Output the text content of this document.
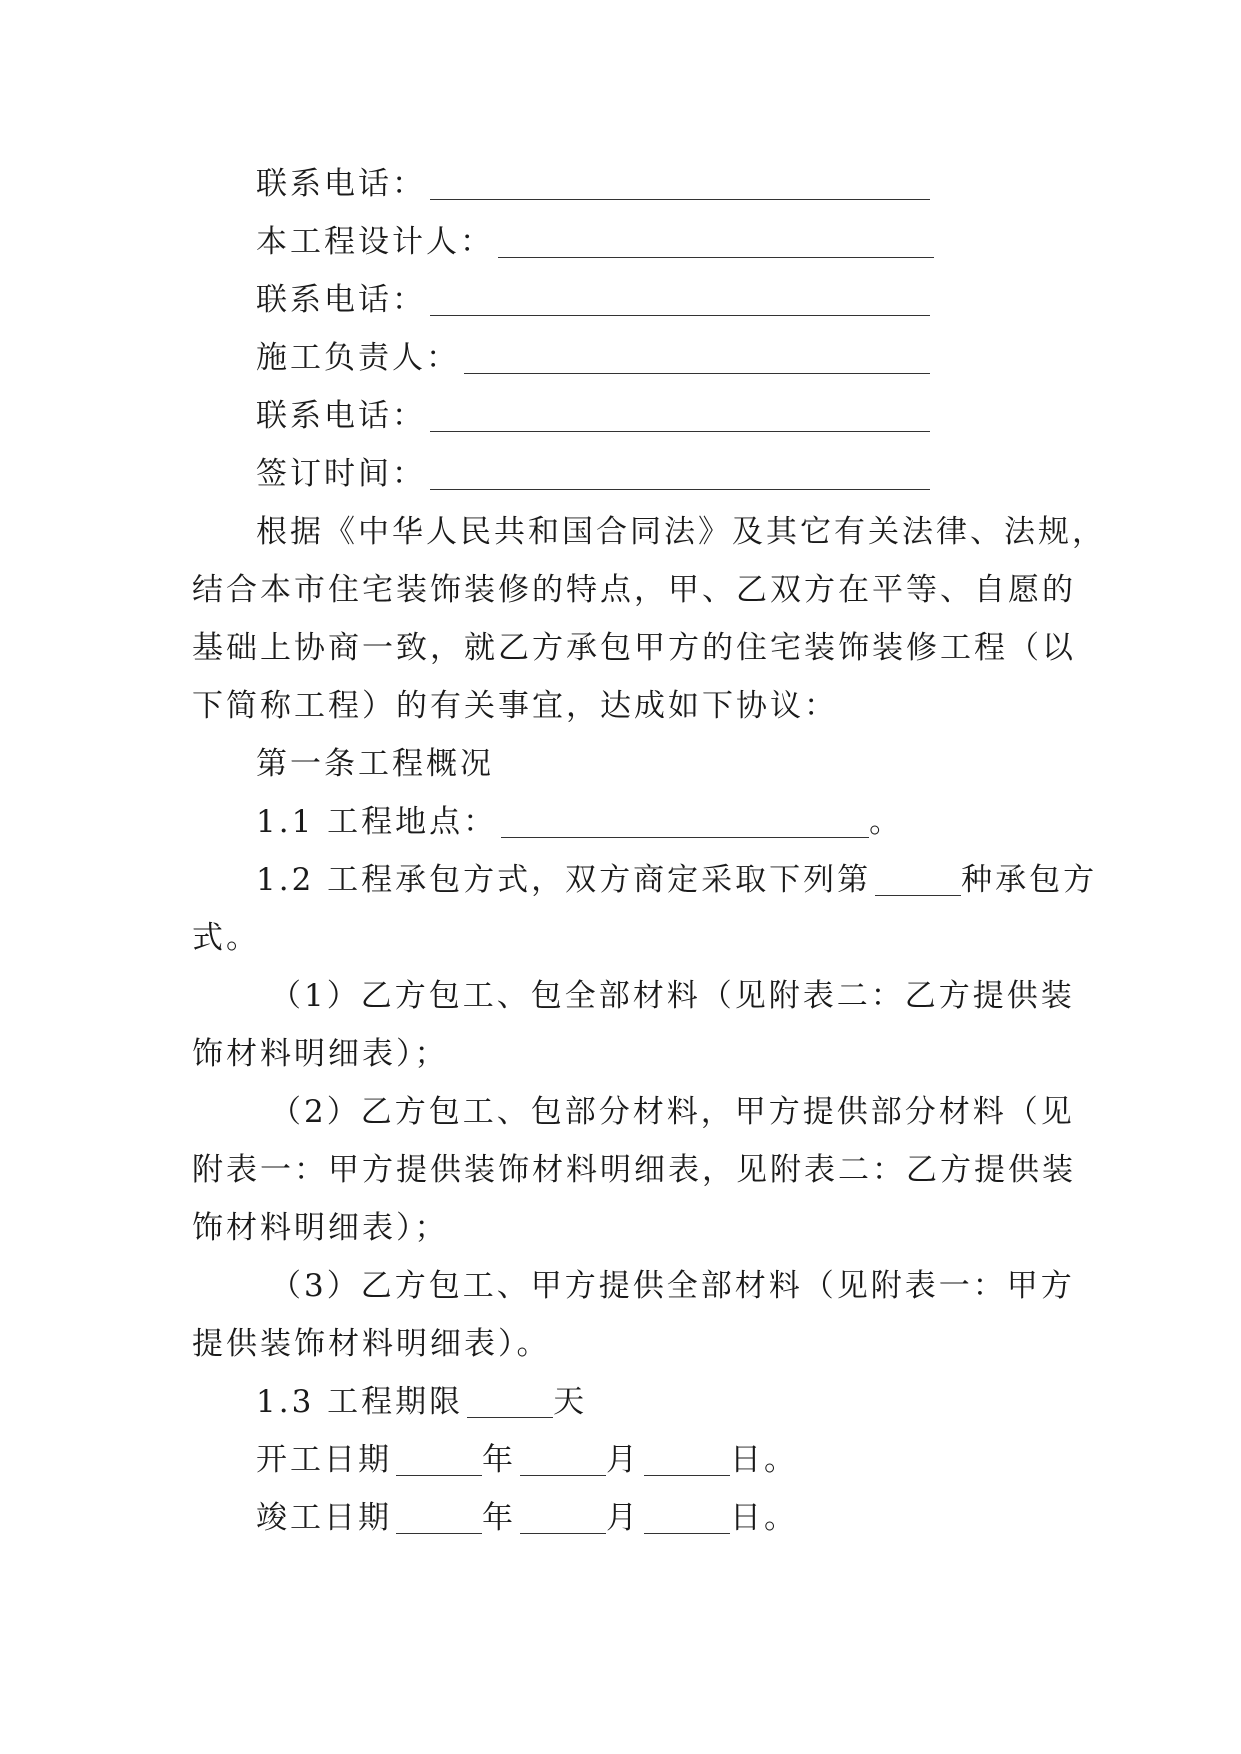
联系电话：
本工程设计人：
联系电话：
施工负责人：
联系电话：
签订时间：
根据《中华人民共和国合同法》及其它有关法律、法规，
结合本市住宅装饰装修的特点，甲、乙双方在平等、自愿的
基础上协商一致，就乙方承包甲方的住宅装饰装修工程（以
下简称工程）的有关事宜，达成如下协议：
第一条工程概况
1.1 工程地点：	。
1.2 工程承包方式，双方商定采取下列第	种承包方
式。
（1）乙方包工、包全部材料（见附表二：乙方提供装
饰材料明细表）；
（2）乙方包工、包部分材料，甲方提供部分材料（见
附表一：甲方提供装饰材料明细表，见附表二：乙方提供装
饰材料明细表）；
（3）乙方包工、甲方提供全部材料（见附表一：甲方
提供装饰材料明细表）。
1.3 工程期限	天
开工日期	年	月	日。
竣工日期	年	月	日。
